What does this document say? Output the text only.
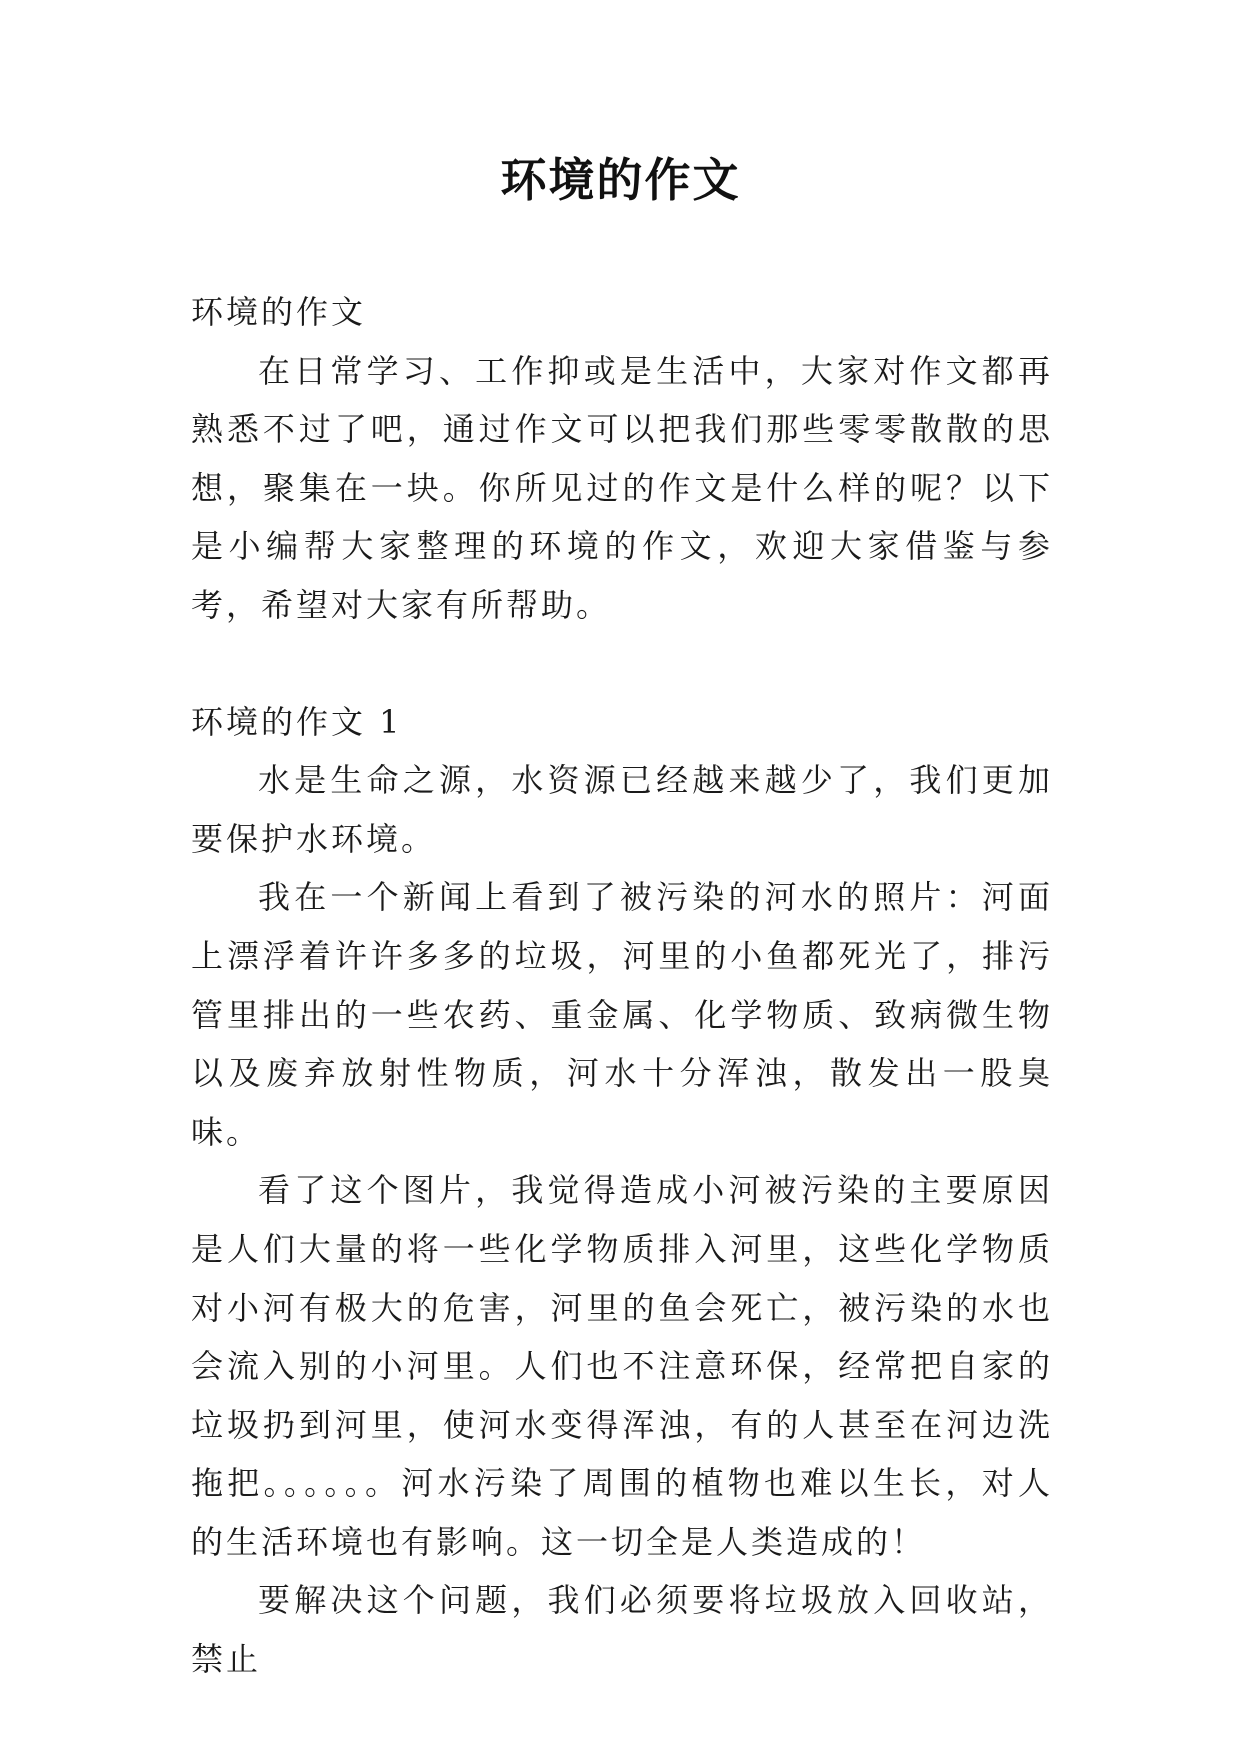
环境的作文

环境的作文

在日常学习、工作抑或是生活中，大家对作文都再熟悉不过了吧，通过作文可以把我们那些零零散散的思想，聚集在一块。你所见过的作文是什么样的呢？以下是小编帮大家整理的环境的作文，欢迎大家借鉴与参考，希望对大家有所帮助。

环境的作文 1

水是生命之源，水资源已经越来越少了，我们更加要保护水环境。

我在一个新闻上看到了被污染的河水的照片：河面上漂浮着许许多多的垃圾，河里的小鱼都死光了，排污管里排出的一些农药、重金属、化学物质、致病微生物以及废弃放射性物质，河水十分浑浊，散发出一股臭味。

看了这个图片，我觉得造成小河被污染的主要原因是人们大量的将一些化学物质排入河里，这些化学物质对小河有极大的危害，河里的鱼会死亡，被污染的水也会流入别的小河里。人们也不注意环保，经常把自家的垃圾扔到河里，使河水变得浑浊，有的人甚至在河边洗拖把。。。。。。河水污染了周围的植物也难以生长，对人的生活环境也有影响。这一切全是人类造成的！

要解决这个问题，我们必须要将垃圾放入回收站，禁止
